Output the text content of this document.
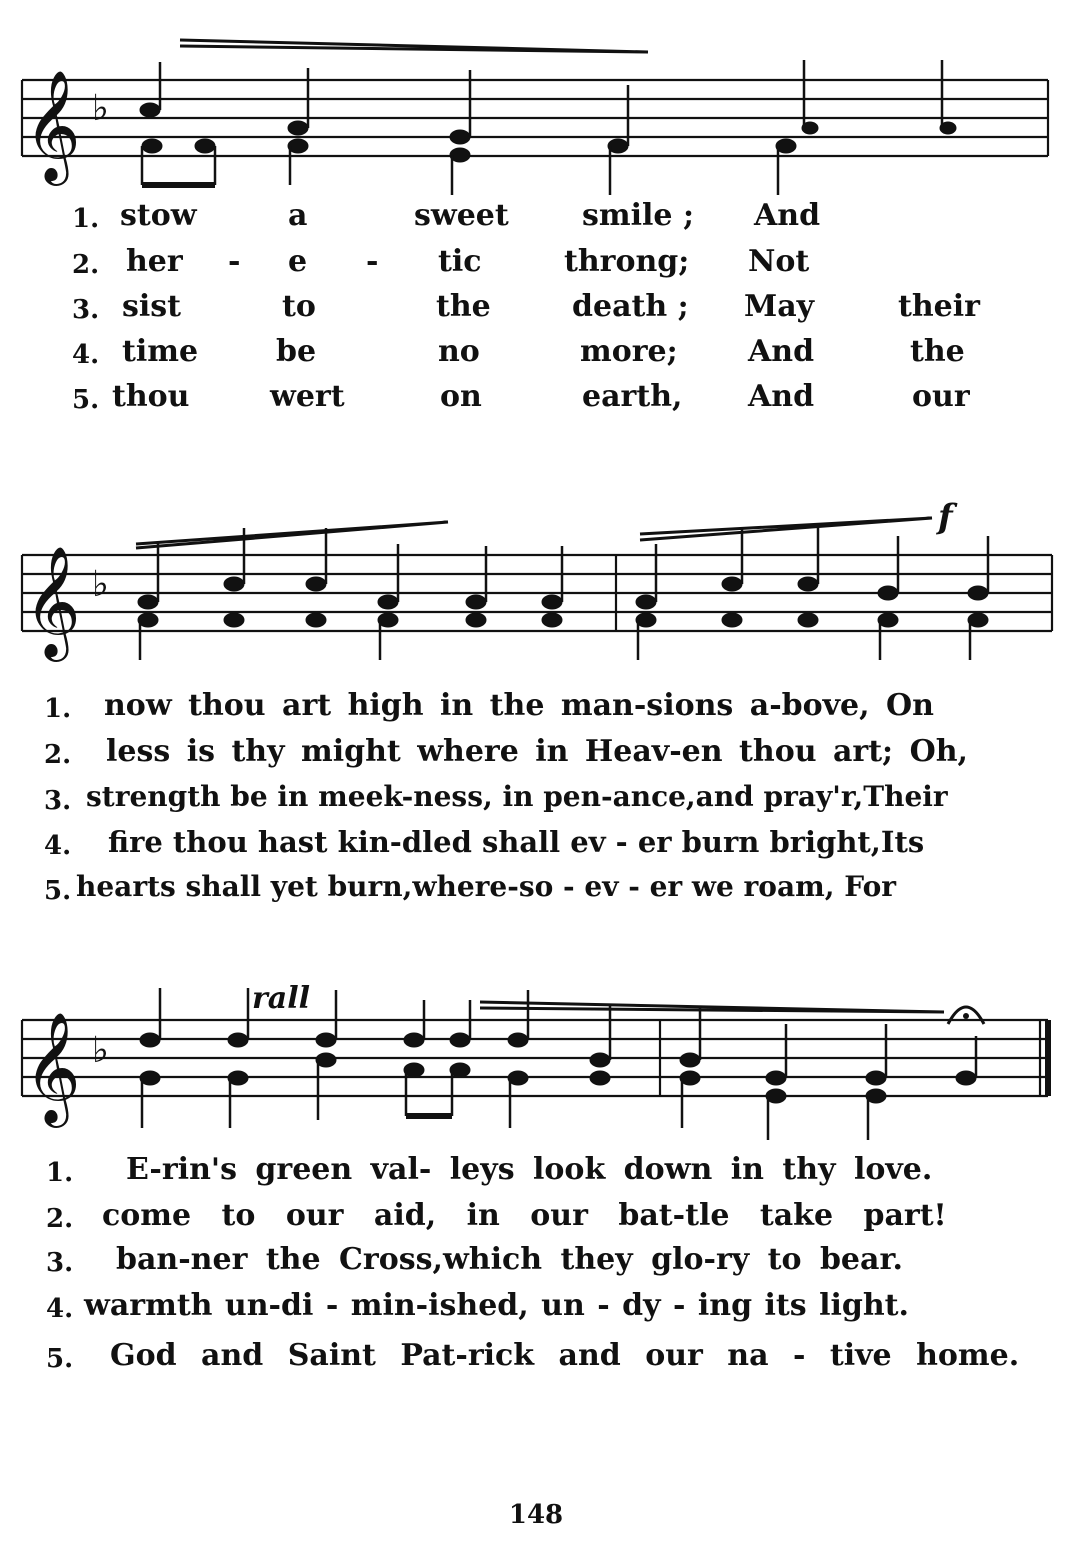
𝄞 ♭
1. stow	a	sweet smile ; And
2. her - e - tic	throng; Not
3. sist	to	the	death ; May	their
4. time	be	no	more; And	the
5. thou	wert	on	earth, And	our
𝄞 ♭
f
1. now thou art high in the man-sions a-bove, On
2. less is thy might where in Heav-en thou art; Oh,
3. strength be in meek-ness, in pen-ance,and pray'r,Their
4. fire thou hast kin-dled shall ev - er burn bright,Its
5. hearts shall yet burn,where-so - ev - er we roam, For
𝄞 ♭
rall
1. E-rin's green val- leys look down in thy love.
2. come to our aid, in our bat-tle take part!
3. ban-ner the Cross,which they glo-ry to bear.
4. warmth un-di - min-ished, un - dy - ing its light.
5. God and Saint Pat-rick and our na - tive home.
148
